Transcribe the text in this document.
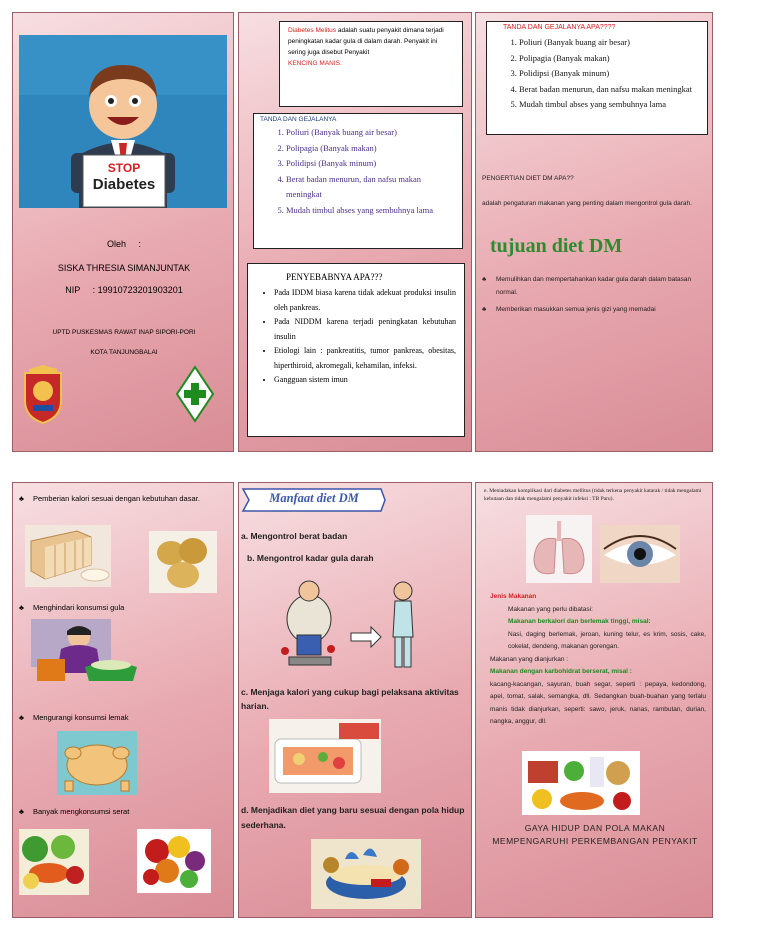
STOP
Diabetes
Oleh     :
SISKA THRESIA SIMANJUNTAK
NIP     : 19910723201903201
UPTD PUSKESMAS RAWAT INAP SIPORI-PORI
KOTA TANJUNGBALAI
Diabetes Melitus adalah suatu penyakit dimana terjadi peningkatan kadar gula di dalam darah. Penyakit ini sering juga disebut Penyakit
KENCING MANIS.
TANDA DAN GEJALANYA
1. Poliuri (Banyak buang air besar)
2. Polipagia (Banyak makan)
3. Polidipsi (Banyak minum)
4. Berat badan menurun, dan nafsu makan meningkat
5. Mudah timbul abses yang sembuhnya lama
PENYEBABNYA APA???
• Pada IDDM biasa karena tidak adekuat produksi insulin oleh pankreas.
• Pada NIDDM karena terjadi peningkatan kebutuhan insulin
• Etiologi lain : pankreatitis, tumor pankreas, obesitas, hiperthiroid, akromegali, kehamilan, infeksi.
• Gangguan sistem imun
TANDA DAN GEJALANYA APA????
1. Poliuri (Banyak buang air besar)
2. Polipagia (Banyak makan)
3. Polidipsi (Banyak minum)
4. Berat badan menurun, dan nafsu makan meningkat
5. Mudah timbul abses yang sembuhnya lama
PENGERTIAN DIET DM APA??
adalah pengaturan makanan yang penting dalam mengontrol gula darah.
tujuan diet DM
♣	Memulihkan dan mempertahankan kadar gula darah dalam batasan normal.
♣	Memberikan masukkan semua jenis gizi yang memadai
♣	Pemberian kalori sesuai dengan kebutuhan dasar.
♣	Menghindari konsumsi gula
♣	Mengurangi konsumsi lemak
♣	Banyak mengkonsumsi serat
Manfaat diet DM
a. Mengontrol berat badan
b. Mengontrol kadar gula darah
c. Menjaga kalori yang cukup bagi pelaksana aktivitas harian.
d. Menjadikan diet yang baru sesuai dengan pola hidup sederhana.
e. Meniadakan komplikasi dari diabetes mellitus (tidak terkena penyakit katarak / tidak mengalami kebutaan dan tidak mengalami penyakit infeksi : TB Paru).
Jenis Makanan
Makanan yang perlu dibatasi:
Makanan berkalori dan berlemak tinggi, misal:
Nasi, daging berlemak, jeroan, kuning telur, es krim, sosis, cake, cokelat, dendeng, makanan gorengan.
Makanan yang dianjurkan :
Makanan dengan karbohidrat berserat, misal :
kacang-kacangan, sayuran, buah segar, seperti : pepaya, kedondong, apel, tomat, salak, semangka, dll. Sedangkan buah-buahan yang terlalu manis tidak dianjurkan, seperti: sawo, jeruk, nanas, rambutan, durian, nangka, anggur, dll.
GAYA HIDUP DAN POLA MAKAN
MEMPENGARUHI PERKEMBANGAN PENYAKIT
